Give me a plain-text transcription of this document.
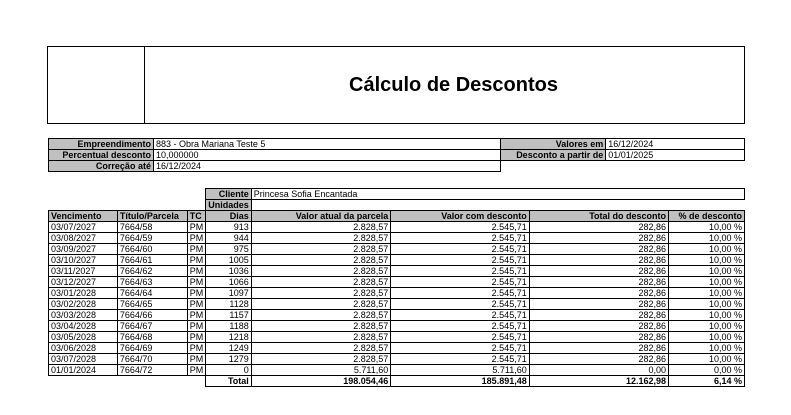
Cálculo de Descontos
Empreendimento	883 - Obra Mariana Teste 5	Valores em	16/12/2024
Percentual desconto	10,000000	Desconto a partir de	01/01/2025
Correção até	16/12/2024		
			Cliente	Princesa Sofia Encantada			
			Unidades				
Vencimento	Título/Parcela	TC	Dias	Valor atual da parcela	Valor com desconto	Total do desconto	% de desconto
03/07/2027	7664/58	PM	913	2.828,57	2.545,71	282,86	10,00 %
03/08/2027	7664/59	PM	944	2.828,57	2.545,71	282,86	10,00 %
03/09/2027	7664/60	PM	975	2.828,57	2.545,71	282,86	10,00 %
03/10/2027	7664/61	PM	1005	2.828,57	2.545,71	282,86	10,00 %
03/11/2027	7664/62	PM	1036	2.828,57	2.545,71	282,86	10,00 %
03/12/2027	7664/63	PM	1066	2.828,57	2.545,71	282,86	10,00 %
03/01/2028	7664/64	PM	1097	2.828,57	2.545,71	282,86	10,00 %
03/02/2028	7664/65	PM	1128	2.828,57	2.545,71	282,86	10,00 %
03/03/2028	7664/66	PM	1157	2.828,57	2.545,71	282,86	10,00 %
03/04/2028	7664/67	PM	1188	2.828,57	2.545,71	282,86	10,00 %
03/05/2028	7664/68	PM	1218	2.828,57	2.545,71	282,86	10,00 %
03/06/2028	7664/69	PM	1249	2.828,57	2.545,71	282,86	10,00 %
03/07/2028	7664/70	PM	1279	2.828,57	2.545,71	282,86	10,00 %
01/01/2024	7664/72	PM	0	5.711,60	5.711,60	0,00	0,00 %
			Total	198.054,46	185.891,48	12.162,98	6,14 %
